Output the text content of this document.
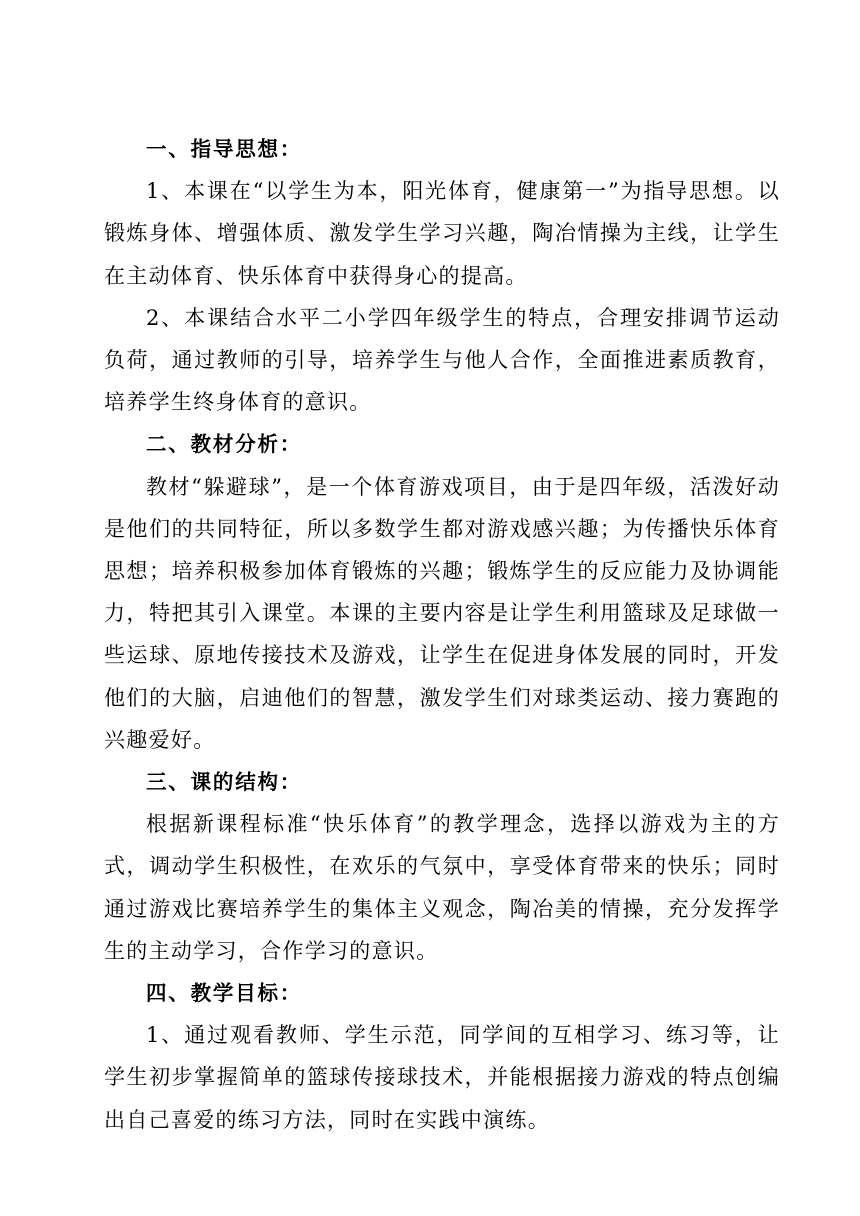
一、指导思想：

1、本课在“以学生为本，阳光体育，健康第一”为指导思想。以锻炼身体、增强体质、激发学生学习兴趣，陶冶情操为主线，让学生在主动体育、快乐体育中获得身心的提高。

2、本课结合水平二小学四年级学生的特点，合理安排调节运动负荷，通过教师的引导，培养学生与他人合作，全面推进素质教育，培养学生终身体育的意识。

二、教材分析：

教材“躲避球”，是一个体育游戏项目，由于是四年级，活泼好动是他们的共同特征，所以多数学生都对游戏感兴趣；为传播快乐体育思想；培养积极参加体育锻炼的兴趣；锻炼学生的反应能力及协调能力，特把其引入课堂。本课的主要内容是让学生利用篮球及足球做一些运球、原地传接技术及游戏，让学生在促进身体发展的同时，开发他们的大脑，启迪他们的智慧，激发学生们对球类运动、接力赛跑的兴趣爱好。

三、课的结构：

根据新课程标准“快乐体育”的教学理念，选择以游戏为主的方式，调动学生积极性，在欢乐的气氛中，享受体育带来的快乐；同时通过游戏比赛培养学生的集体主义观念，陶冶美的情操，充分发挥学生的主动学习，合作学习的意识。

四、教学目标：

1、通过观看教师、学生示范，同学间的互相学习、练习等，让学生初步掌握简单的篮球传接球技术，并能根据接力游戏的特点创编出自己喜爱的练习方法，同时在实践中演练。
